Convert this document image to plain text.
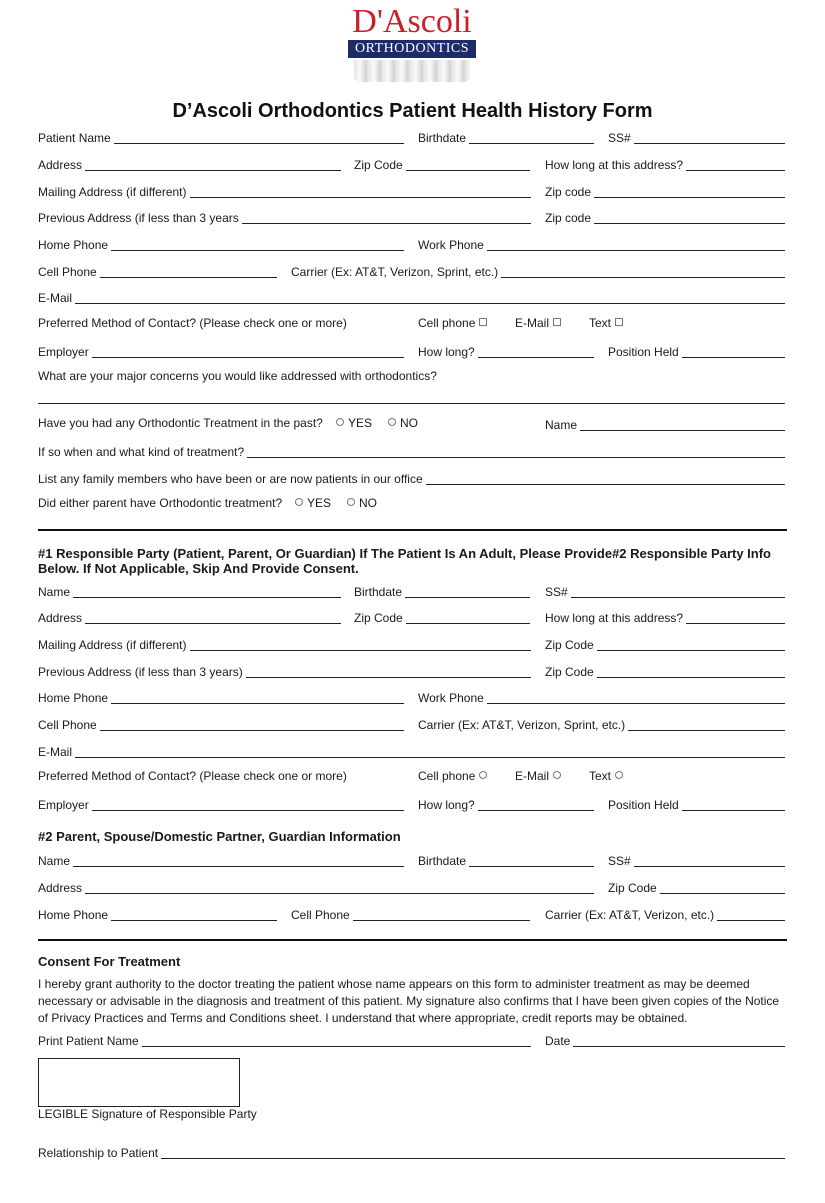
D'Ascoli
ORTHODONTICS
D’Ascoli Orthodontics Patient Health History Form
Patient Name	Birthdate	SS#
Address	Zip Code	How long at this address?
Mailing Address (if different)	Zip code
Previous Address (if less than 3 years	Zip code
Home Phone	Work Phone
Cell Phone	Carrier (Ex: AT&T, Verizon, Sprint, etc.)
E-Mail
Preferred Method of Contact? (Please check one or more)	Cell phone	E-Mail	Text
Employer	How long?	Position Held
What are your major concerns you would like addressed with orthodontics?
Have you had any Orthodontic Treatment in the past?	YES	NO	Name
If so when and what kind of treatment?
List any family members who have been or are now patients in our office
Did either parent have Orthodontic treatment?	YES	NO
#1 Responsible Party (Patient, Parent, Or Guardian) If The Patient Is An Adult, Please Provide#2 Responsible Party Info Below. If Not Applicable, Skip And Provide Consent.
Name	Birthdate	SS#
Address	Zip Code	How long at this address?
Mailing Address (if different)	Zip Code
Previous Address (if less than 3 years)	Zip Code
Home Phone	Work Phone
Cell Phone	Carrier (Ex: AT&T, Verizon, Sprint, etc.)
E-Mail
Preferred Method of Contact? (Please check one or more)	Cell phone	E-Mail	Text
Employer	How long?	Position Held
#2 Parent, Spouse/Domestic Partner, Guardian Information
Name	Birthdate	SS#
Address	Zip Code
Home Phone	Cell Phone	Carrier (Ex: AT&T, Verizon, etc.)
Consent For Treatment
I hereby grant authority to the doctor treating the patient whose name appears on this form to administer treatment as may be deemed necessary or advisable in the diagnosis and treatment of this patient. My signature also confirms that I have been given copies of the Notice of Privacy Practices and Terms and Conditions sheet. I understand that where appropriate, credit reports may be obtained.
Print Patient Name	Date
LEGIBLE Signature of Responsible Party
Relationship to Patient
